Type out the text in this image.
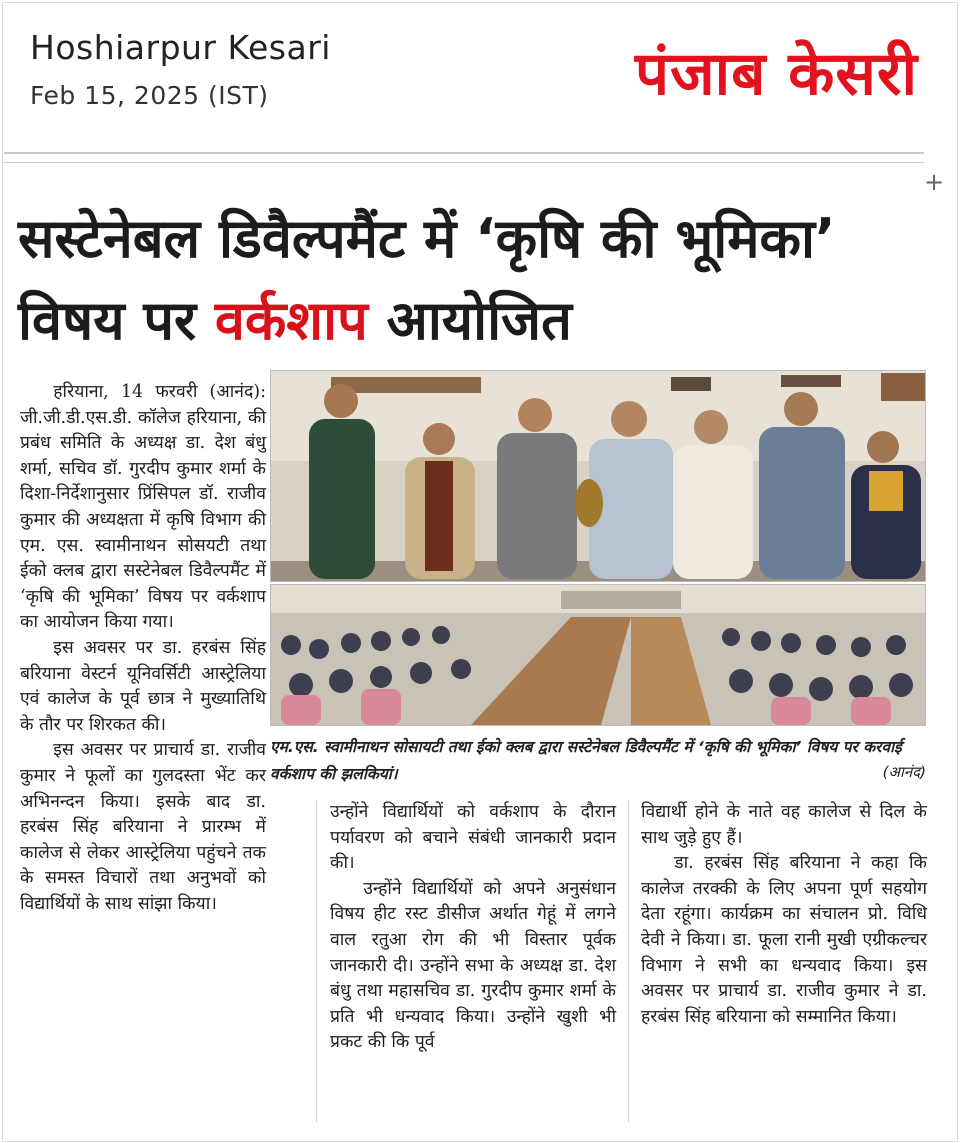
Hoshiarpur Kesari
Feb 15, 2025 (IST)	पंजाब केसरी
+
सस्टेनेबल डिवैल्पमैंट में ‘कृषि की भूमिका’ विषय पर वर्कशाप आयोजित

हरियाना, 14 फरवरी (आनंद): जी.जी.डी.एस.डी. कॉलेज हरियाना, की प्रबंध समिति के अध्यक्ष डा. देश बंधु शर्मा, सचिव डॉ. गुरदीप कुमार शर्मा के दिशा-निर्देशानुसार प्रिंसिपल डॉ. राजीव कुमार की अध्यक्षता में कृषि विभाग की एम. एस. स्वामीनाथन सोसयटी तथा ईको क्लब द्वारा सस्टेनेबल डिवैल्पमैंट में ‘कृषि की भूमिका’ विषय पर वर्कशाप का आयोजन किया गया।

इस अवसर पर डा. हरबंस सिंह बरियाना वेस्टर्न यूनिवर्सिटी आस्ट्रेलिया एवं कालेज के पूर्व छात्र ने मुख्यातिथि के तौर पर शिरकत की।

इस अवसर पर प्राचार्य डा. राजीव कुमार ने फूलों का गुलदस्ता भेंट कर अभिनन्दन किया। इसके बाद डा. हरबंस सिंह बरियाना ने प्रारम्भ में कालेज से लेकर आस्ट्रेलिया पहुंचने तक के समस्त विचारों तथा अनुभवों को विद्यार्थियों के साथ सांझा किया।

एम.एस. स्वामीनाथन सोसायटी तथा ईको क्लब द्वारा सस्टेनेबल डिवैल्पमैंट में ‘कृषि की भूमिका’ विषय पर करवाई वर्कशाप की झलकियां।	(आनंद)

उन्होंने विद्यार्थियों को वर्कशाप के दौरान पर्यावरण को बचाने संबंधी जानकारी प्रदान की।

उन्होंने विद्यार्थियों को अपने अनुसंधान विषय हीट रस्ट डीसीज अर्थात गेहूं में लगने वाल रतुआ रोग की भी विस्तार पूर्वक जानकारी दी। उन्होंने सभा के अध्यक्ष डा. देश बंधु तथा महासचिव डा. गुरदीप कुमार शर्मा के प्रति भी धन्यवाद किया। उन्होंने खुशी भी प्रकट की कि पूर्व

विद्यार्थी होने के नाते वह कालेज से दिल के साथ जुड़े हुए हैं।

डा. हरबंस सिंह बरियाना ने कहा कि कालेज तरक्की के लिए अपना पूर्ण सहयोग देता रहूंगा। कार्यक्रम का संचालन प्रो. विधि देवी ने किया। डा. फूला रानी मुखी एग्रीकल्चर विभाग ने सभी का धन्यवाद किया। इस अवसर पर प्राचार्य डा. राजीव कुमार ने डा. हरबंस सिंह बरियाना को सम्मानित किया।
